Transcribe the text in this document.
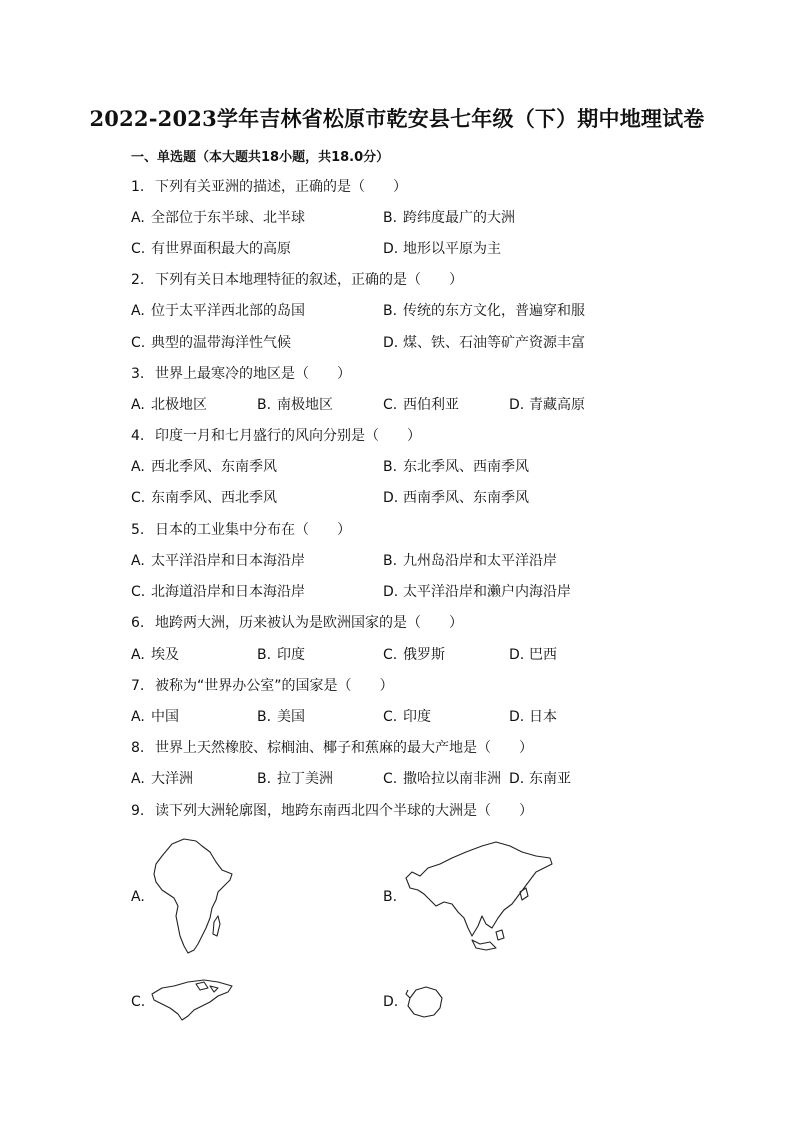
2022-2023学年吉林省松原市乾安县七年级（下）期中地理试卷
一、单选题（本大题共18小题，共18.0分）
1. 下列有关亚洲的描述，正确的是（　　）
A. 全部位于东半球、北半球	B. 跨纬度最广的大洲
C. 有世界面积最大的高原	D. 地形以平原为主
2. 下列有关日本地理特征的叙述，正确的是（　　）
A. 位于太平洋西北部的岛国	B. 传统的东方文化，普遍穿和服
C. 典型的温带海洋性气候	D. 煤、铁、石油等矿产资源丰富
3. 世界上最寒冷的地区是（　　）
A. 北极地区	B. 南极地区	C. 西伯利亚	D. 青藏高原
4. 印度一月和七月盛行的风向分别是（　　）
A. 西北季风、东南季风	B. 东北季风、西南季风
C. 东南季风、西北季风	D. 西南季风、东南季风
5. 日本的工业集中分布在（　　）
A. 太平洋沿岸和日本海沿岸	B. 九州岛沿岸和太平洋沿岸
C. 北海道沿岸和日本海沿岸	D. 太平洋沿岸和濑户内海沿岸
6. 地跨两大洲，历来被认为是欧洲国家的是（　　）
A. 埃及	B. 印度	C. 俄罗斯	D. 巴西
7. 被称为“世界办公室”的国家是（　　）
A. 中国	B. 美国	C. 印度	D. 日本
8. 世界上天然橡胶、棕榈油、椰子和蕉麻的最大产地是（　　）
A. 大洋洲	B. 拉丁美洲	C. 撒哈拉以南非洲 D. 东南亚
9. 读下列大洲轮廓图，地跨东南西北四个半球的大洲是（　　）
A.	B.
C.	D.
